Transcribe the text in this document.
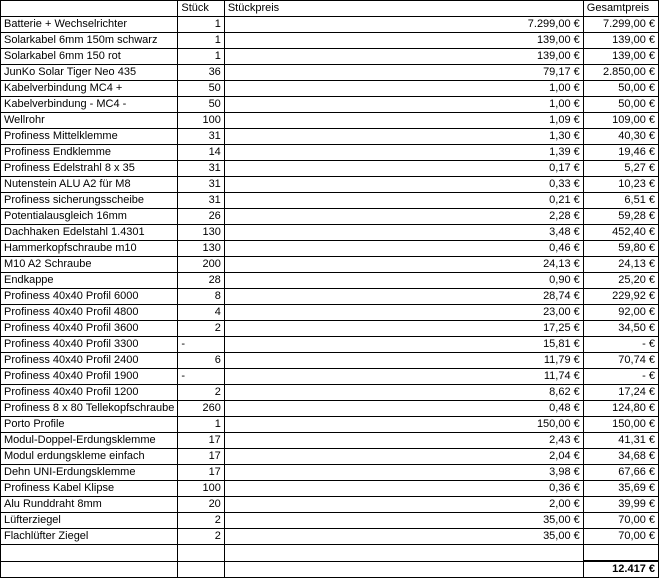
	Stück	Stückpreis	Gesamtpreis
Batterie + Wechselrichter	1	7.299,00 €	7.299,00 €
Solarkabel 6mm 150m schwarz	1	139,00 €	139,00 €
Solarkabel 6mm 150 rot	1	139,00 €	139,00 €
JunKo Solar Tiger Neo 435	36	79,17 €	2.850,00 €
Kabelverbindung MC4 +	50	1,00 €	50,00 €
Kabelverbindung - MC4 -	50	1,00 €	50,00 €
Wellrohr	100	1,09 €	109,00 €
Profiness Mittelklemme	31	1,30 €	40,30 €
Profiness Endklemme	14	1,39 €	19,46 €
Profiness Edelstrahl 8 x 35	31	0,17 €	5,27 €
Nutenstein ALU A2 für M8	31	0,33 €	10,23 €
Profiness sicherungsscheibe	31	0,21 €	6,51 €
Potentialausgleich 16mm	26	2,28 €	59,28 €
Dachhaken Edelstahl 1.4301	130	3,48 €	452,40 €
Hammerkopfschraube m10	130	0,46 €	59,80 €
M10 A2 Schraube	200	24,13 €	24,13 €
Endkappe	28	0,90 €	25,20 €
Profiness 40x40 Profil 6000	8	28,74 €	229,92 €
Profiness 40x40 Profil 4800	4	23,00 €	92,00 €
Profiness 40x40 Profil 3600	2	17,25 €	34,50 €
Profiness 40x40 Profil 3300	-	15,81 €	- €
Profiness 40x40 Profil 2400	6	11,79 €	70,74 €
Profiness 40x40 Profil 1900	-	11,74 €	- €
Profiness 40x40 Profil 1200	2	8,62 €	17,24 €
Profiness 8 x 80 Tellekopfschraube	260	0,48 €	124,80 €
Porto Profile	1	150,00 €	150,00 €
Modul-Doppel-Erdungsklemme	17	2,43 €	41,31 €
Modul erdungskleme einfach	17	2,04 €	34,68 €
Dehn UNI-Erdungsklemme	17	3,98 €	67,66 €
Profiness Kabel Klipse	100	0,36 €	35,69 €
Alu Runddraht 8mm	20	2,00 €	39,99 €
Lüfterziegel	2	35,00 €	70,00 €
Flachlüfter Ziegel	2	35,00 €	70,00 €

			12.417 €
